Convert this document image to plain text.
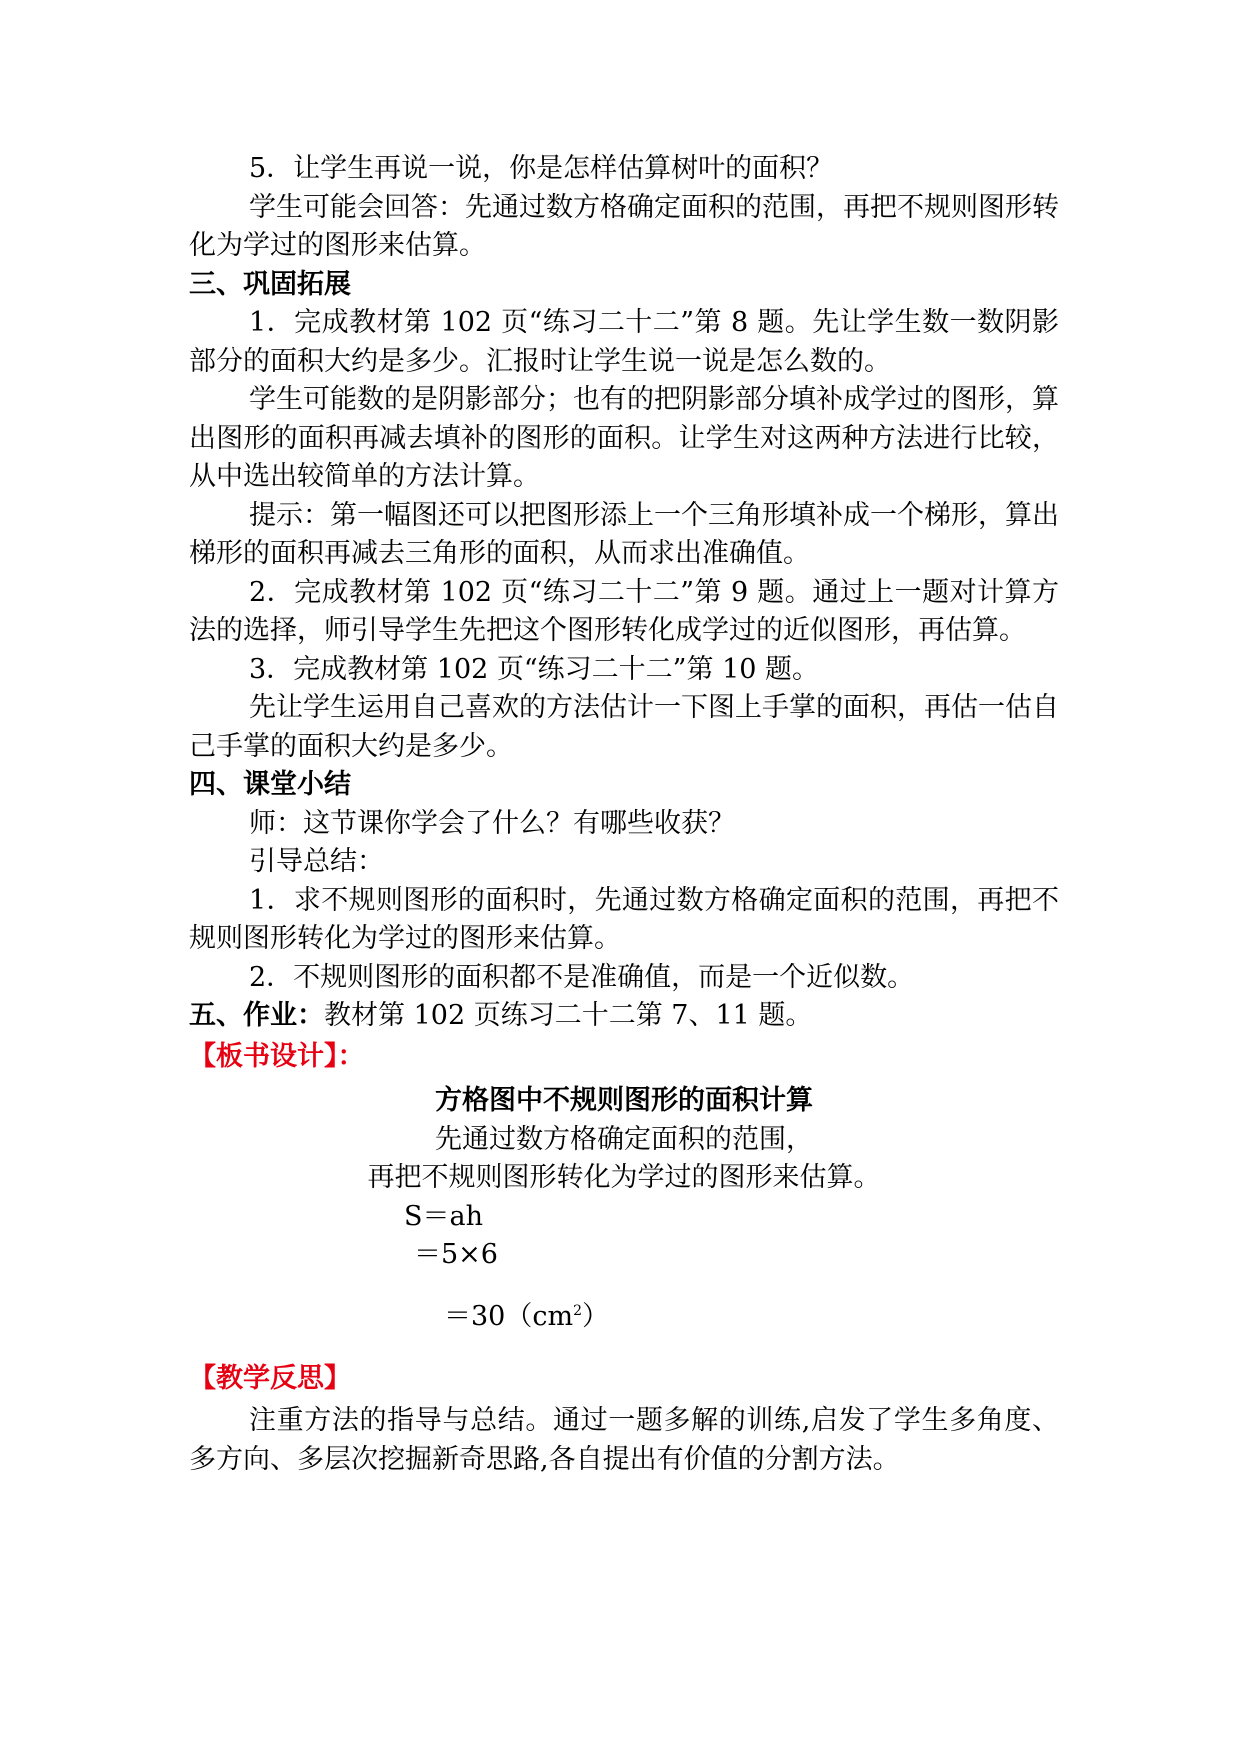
5．让学生再说一说，你是怎样估算树叶的面积？
学生可能会回答：先通过数方格确定面积的范围，再把不规则图形转化为学过的图形来估算。
三、巩固拓展
1．完成教材第 102 页“练习二十二”第 8 题。先让学生数一数阴影部分的面积大约是多少。汇报时让学生说一说是怎么数的。
学生可能数的是阴影部分；也有的把阴影部分填补成学过的图形，算出图形的面积再减去填补的图形的面积。让学生对这两种方法进行比较，从中选出较简单的方法计算。
提示：第一幅图还可以把图形添上一个三角形填补成一个梯形，算出梯形的面积再减去三角形的面积，从而求出准确值。
2．完成教材第 102 页“练习二十二”第 9 题。通过上一题对计算方法的选择，师引导学生先把这个图形转化成学过的近似图形，再估算。
3．完成教材第 102 页“练习二十二”第 10 题。
先让学生运用自己喜欢的方法估计一下图上手掌的面积，再估一估自己手掌的面积大约是多少。
四、课堂小结
师：这节课你学会了什么？有哪些收获？
引导总结：
1．求不规则图形的面积时，先通过数方格确定面积的范围，再把不规则图形转化为学过的图形来估算。
2．不规则图形的面积都不是准确值，而是一个近似数。
五、作业：教材第 102 页练习二十二第 7、11 题。
【板书设计】：
方格图中不规则图形的面积计算
先通过数方格确定面积的范围，
再把不规则图形转化为学过的图形来估算。
S＝ah
＝5×6
$=30(cm^2)$
【教学反思】
注重方法的指导与总结。通过一题多解的训练,启发了学生多角度、多方向、多层次挖掘新奇思路,各自提出有价值的分割方法。
